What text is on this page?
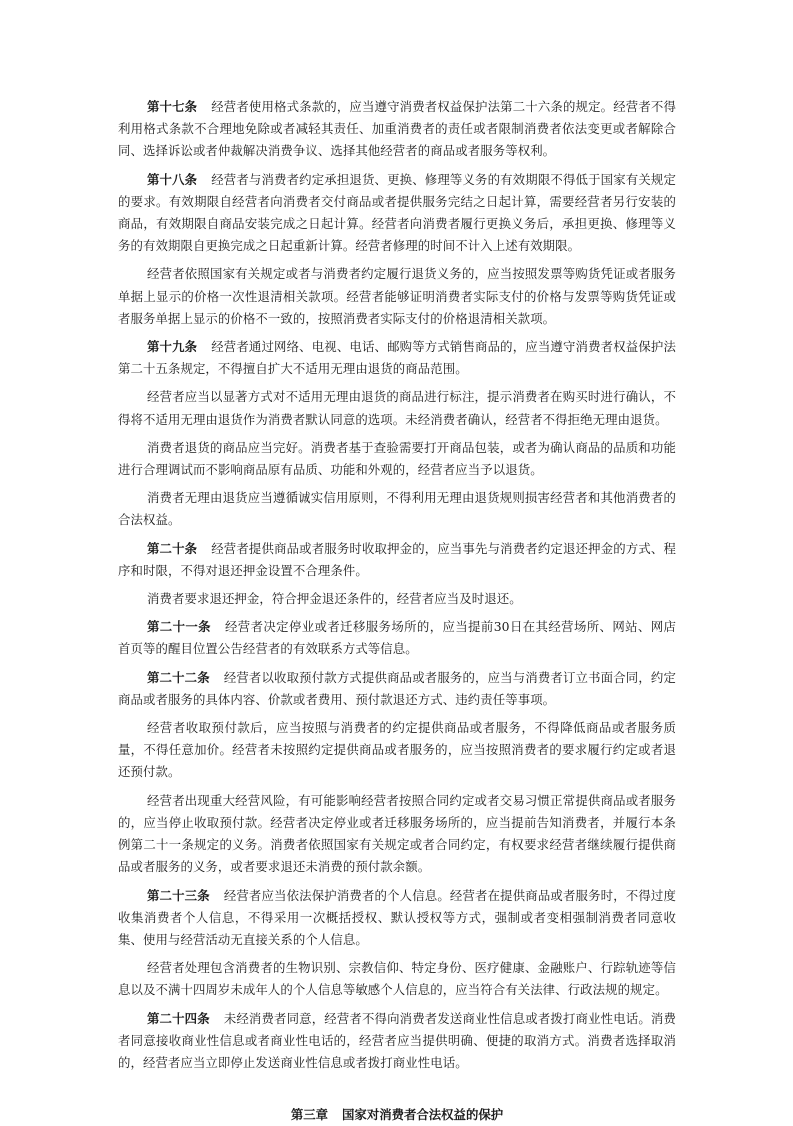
第十七条 经营者使用格式条款的，应当遵守消费者权益保护法第二十六条的规定。经营者不得利用格式条款不合理地免除或者减轻其责任、加重消费者的责任或者限制消费者依法变更或者解除合同、选择诉讼或者仲裁解决消费争议、选择其他经营者的商品或者服务等权利。

第十八条 经营者与消费者约定承担退货、更换、修理等义务的有效期限不得低于国家有关规定的要求。有效期限自经营者向消费者交付商品或者提供服务完结之日起计算，需要经营者另行安装的商品，有效期限自商品安装完成之日起计算。经营者向消费者履行更换义务后，承担更换、修理等义务的有效期限自更换完成之日起重新计算。经营者修理的时间不计入上述有效期限。

经营者依照国家有关规定或者与消费者约定履行退货义务的，应当按照发票等购货凭证或者服务单据上显示的价格一次性退清相关款项。经营者能够证明消费者实际支付的价格与发票等购货凭证或者服务单据上显示的价格不一致的，按照消费者实际支付的价格退清相关款项。

第十九条 经营者通过网络、电视、电话、邮购等方式销售商品的，应当遵守消费者权益保护法第二十五条规定，不得擅自扩大不适用无理由退货的商品范围。

经营者应当以显著方式对不适用无理由退货的商品进行标注，提示消费者在购买时进行确认，不得将不适用无理由退货作为消费者默认同意的选项。未经消费者确认，经营者不得拒绝无理由退货。

消费者退货的商品应当完好。消费者基于查验需要打开商品包装，或者为确认商品的品质和功能进行合理调试而不影响商品原有品质、功能和外观的，经营者应当予以退货。

消费者无理由退货应当遵循诚实信用原则，不得利用无理由退货规则损害经营者和其他消费者的合法权益。

第二十条 经营者提供商品或者服务时收取押金的，应当事先与消费者约定退还押金的方式、程序和时限，不得对退还押金设置不合理条件。

消费者要求退还押金，符合押金退还条件的，经营者应当及时退还。

第二十一条 经营者决定停业或者迁移服务场所的，应当提前30日在其经营场所、网站、网店首页等的醒目位置公告经营者的有效联系方式等信息。

第二十二条 经营者以收取预付款方式提供商品或者服务的，应当与消费者订立书面合同，约定商品或者服务的具体内容、价款或者费用、预付款退还方式、违约责任等事项。

经营者收取预付款后，应当按照与消费者的约定提供商品或者服务，不得降低商品或者服务质量，不得任意加价。经营者未按照约定提供商品或者服务的，应当按照消费者的要求履行约定或者退还预付款。

经营者出现重大经营风险，有可能影响经营者按照合同约定或者交易习惯正常提供商品或者服务的，应当停止收取预付款。经营者决定停业或者迁移服务场所的，应当提前告知消费者，并履行本条例第二十一条规定的义务。消费者依照国家有关规定或者合同约定，有权要求经营者继续履行提供商品或者服务的义务，或者要求退还未消费的预付款余额。

第二十三条 经营者应当依法保护消费者的个人信息。经营者在提供商品或者服务时，不得过度收集消费者个人信息，不得采用一次概括授权、默认授权等方式，强制或者变相强制消费者同意收集、使用与经营活动无直接关系的个人信息。

经营者处理包含消费者的生物识别、宗教信仰、特定身份、医疗健康、金融账户、行踪轨迹等信息以及不满十四周岁未成年人的个人信息等敏感个人信息的，应当符合有关法律、行政法规的规定。

第二十四条 未经消费者同意，经营者不得向消费者发送商业性信息或者拨打商业性电话。消费者同意接收商业性信息或者商业性电话的，经营者应当提供明确、便捷的取消方式。消费者选择取消的，经营者应当立即停止发送商业性信息或者拨打商业性电话。

第三章 国家对消费者合法权益的保护
